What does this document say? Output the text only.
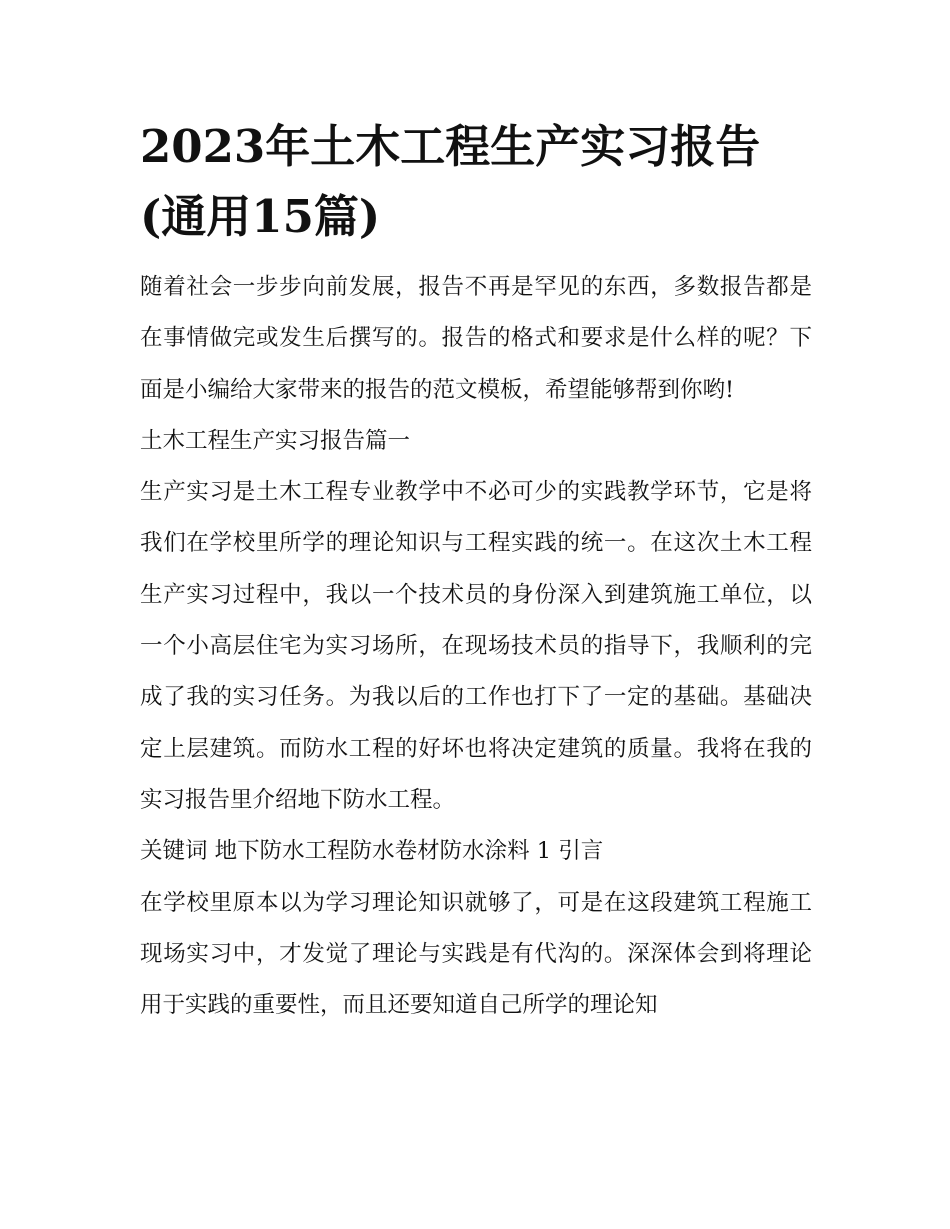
2023年土木工程生产实习报告(通用15篇)

随着社会一步步向前发展，报告不再是罕见的东西，多数报告都是在事情做完或发生后撰写的。报告的格式和要求是什么样的呢？下面是小编给大家带来的报告的范文模板，希望能够帮到你哟!

土木工程生产实习报告篇一

生产实习是土木工程专业教学中不必可少的实践教学环节，它是将我们在学校里所学的理论知识与工程实践的统一。在这次土木工程生产实习过程中，我以一个技术员的身份深入到建筑施工单位，以一个小高层住宅为实习场所，在现场技术员的指导下，我顺利的完成了我的实习任务。为我以后的工作也打下了一定的基础。基础决定上层建筑。而防水工程的好坏也将决定建筑的质量。我将在我的实习报告里介绍地下防水工程。

关键词 地下防水工程防水卷材防水涂料 1 引言

在学校里原本以为学习理论知识就够了，可是在这段建筑工程施工现场实习中，才发觉了理论与实践是有代沟的。深深体会到将理论用于实践的重要性，而且还要知道自己所学的理论知
